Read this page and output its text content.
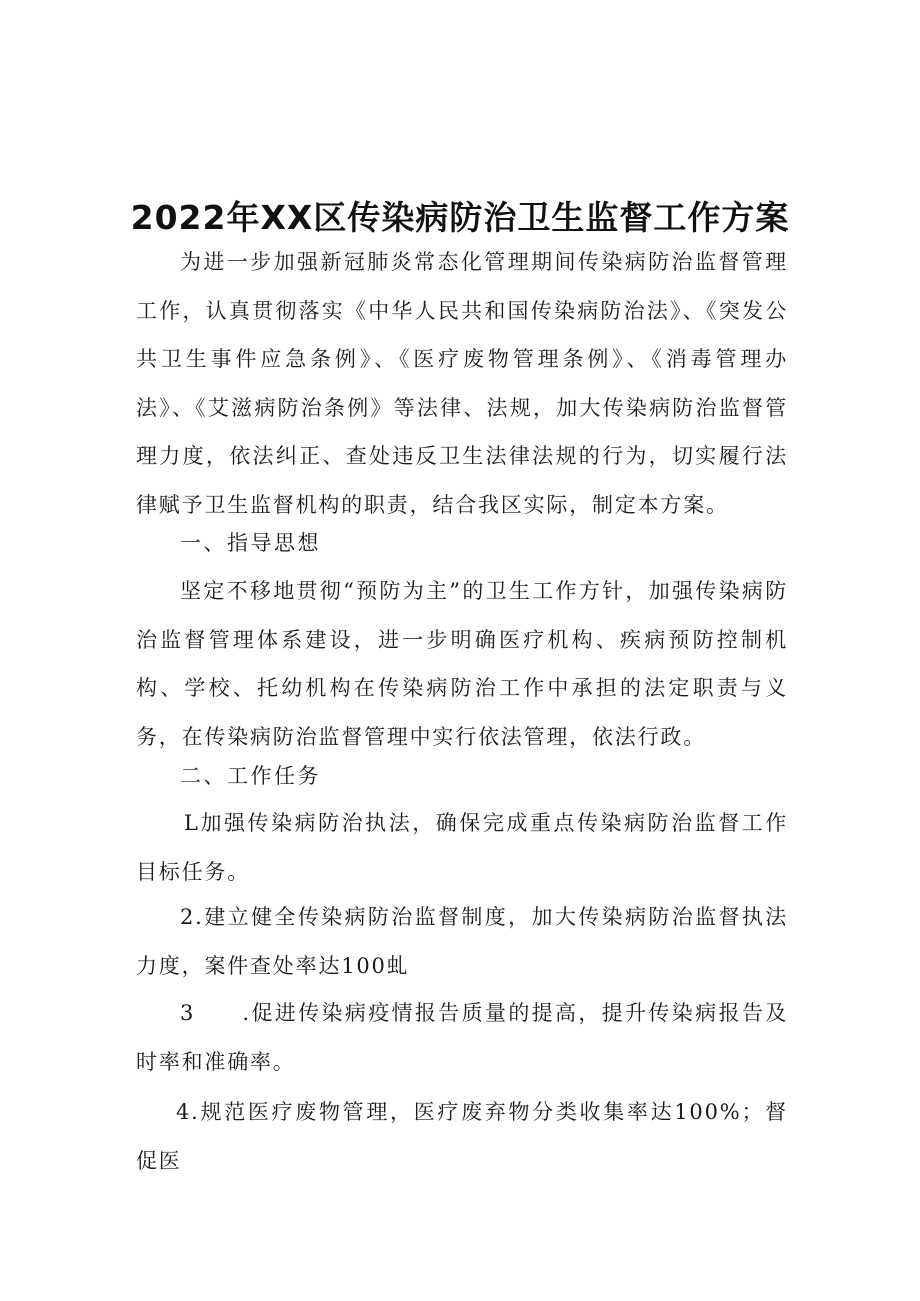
2022年XX区传染病防治卫生监督工作方案

为进一步加强新冠肺炎常态化管理期间传染病防治监督管理工作，认真贯彻落实《中华人民共和国传染病防治法》、《突发公共卫生事件应急条例》、《医疗废物管理条例》、《消毒管理办法》、《艾滋病防治条例》等法律、法规，加大传染病防治监督管理力度，依法纠正、查处违反卫生法律法规的行为，切实履行法律赋予卫生监督机构的职责，结合我区实际，制定本方案。

一、指导思想

坚定不移地贯彻“预防为主”的卫生工作方针，加强传染病防治监督管理体系建设，进一步明确医疗机构、疾病预防控制机构、学校、托幼机构在传染病防治工作中承担的法定职责与义务，在传染病防治监督管理中实行依法管理，依法行政。

二、工作任务

L加强传染病防治执法，确保完成重点传染病防治监督工作目标任务。

2.建立健全传染病防治监督制度，加大传染病防治监督执法力度，案件查处率达100虬

3　　.促进传染病疫情报告质量的提高，提升传染病报告及时率和准确率。

4.规范医疗废物管理，医疗废弃物分类收集率达100%；督促医
